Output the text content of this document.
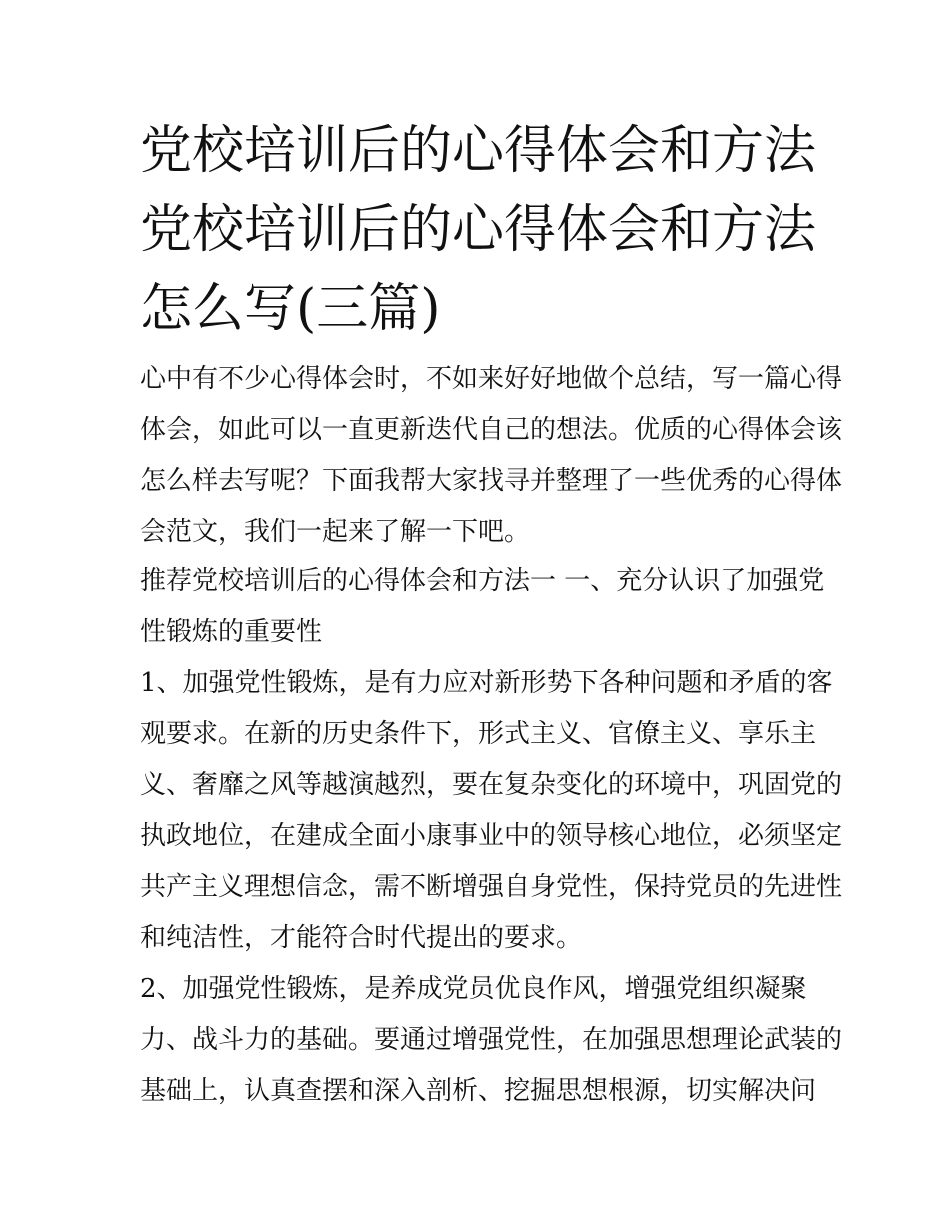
党校培训后的心得体会和方法
党校培训后的心得体会和方法
怎么写(三篇)

心中有不少心得体会时，不如来好好地做个总结，写一篇心得
体会，如此可以一直更新迭代自己的想法。优质的心得体会该
怎么样去写呢？下面我帮大家找寻并整理了一些优秀的心得体
会范文，我们一起来了解一下吧。

推荐党校培训后的心得体会和方法一 一、充分认识了加强党
性锻炼的重要性

1、加强党性锻炼，是有力应对新形势下各种问题和矛盾的客
观要求。在新的历史条件下，形式主义、官僚主义、享乐主
义、奢靡之风等越演越烈，要在复杂变化的环境中，巩固党的
执政地位，在建成全面小康事业中的领导核心地位，必须坚定
共产主义理想信念，需不断增强自身党性，保持党员的先进性
和纯洁性，才能符合时代提出的要求。

2、加强党性锻炼，是养成党员优良作风，增强党组织凝聚
力、战斗力的基础。要通过增强党性，在加强思想理论武装的
基础上，认真查摆和深入剖析、挖掘思想根源，切实解决问
